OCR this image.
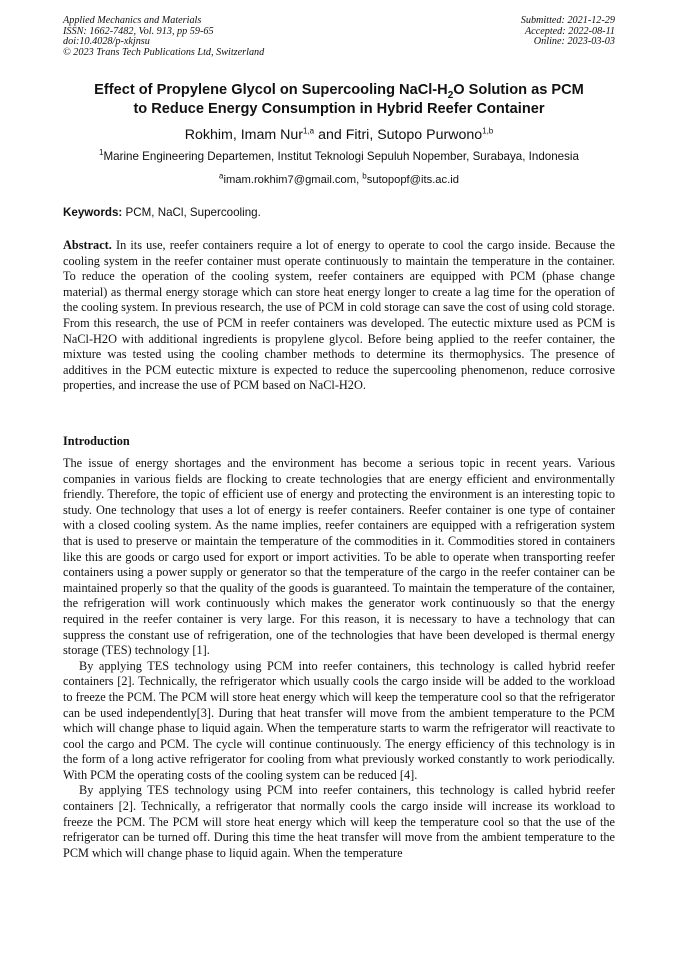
Applied Mechanics and Materials
ISSN: 1662-7482, Vol. 913, pp 59-65
doi:10.4028/p-xkjnsu
© 2023 Trans Tech Publications Ltd, Switzerland
Submitted: 2021-12-29
Accepted: 2022-08-11
Online: 2023-03-03
Effect of Propylene Glycol on Supercooling NaCl-$H_2O$ Solution as PCM
to Reduce Energy Consumption in Hybrid Reefer Container
Rokhim, Imam Nur$^{1,a}$ and Fitri, Sutopo Purwono$^{1,b}$
$^1$Marine Engineering Departemen, Institut Teknologi Sepuluh Nopember, Surabaya, Indonesia
$^a$imam.rokhim7@gmail.com, $^b$sutopopf@its.ac.id
Keywords: PCM, NaCl, Supercooling.
Abstract. In its use, reefer containers require a lot of energy to operate to cool the cargo inside. Because the cooling system in the reefer container must operate continuously to maintain the temperature in the container. To reduce the operation of the cooling system, reefer containers are equipped with PCM (phase change material) as thermal energy storage which can store heat energy longer to create a lag time for the operation of the cooling system. In previous research, the use of PCM in cold storage can save the cost of using cold storage. From this research, the use of PCM in reefer containers was developed. The eutectic mixture used as PCM is NaCl-H2O with additional ingredients is propylene glycol. Before being applied to the reefer container, the mixture was tested using the cooling chamber methods to determine its thermophysics. The presence of additives in the PCM eutectic mixture is expected to reduce the supercooling phenomenon, reduce corrosive properties, and increase the use of PCM based on NaCl-H2O.
Introduction

The issue of energy shortages and the environment has become a serious topic in recent years. Various companies in various fields are flocking to create technologies that are energy efficient and environmentally friendly. Therefore, the topic of efficient use of energy and protecting the environment is an interesting topic to study. One technology that uses a lot of energy is reefer containers. Reefer container is one type of container with a closed cooling system. As the name implies, reefer containers are equipped with a refrigeration system that is used to preserve or maintain the temperature of the commodities in it. Commodities stored in containers like this are goods or cargo used for export or import activities. To be able to operate when transporting reefer containers using a power supply or generator so that the temperature of the cargo in the reefer container can be maintained properly so that the quality of the goods is guaranteed. To maintain the temperature of the container, the refrigeration will work continuously which makes the generator work continuously so that the energy required in the reefer container is very large. For this reason, it is necessary to have a technology that can suppress the constant use of refrigeration, one of the technologies that have been developed is thermal energy storage (TES) technology [1].

By applying TES technology using PCM into reefer containers, this technology is called hybrid reefer containers [2]. Technically, the refrigerator which usually cools the cargo inside will be added to the workload to freeze the PCM. The PCM will store heat energy which will keep the temperature cool so that the refrigerator can be used independently[3]. During that heat transfer will move from the ambient temperature to the PCM which will change phase to liquid again. When the temperature starts to warm the refrigerator will reactivate to cool the cargo and PCM. The cycle will continue continuously. The energy efficiency of this technology is in the form of a long active refrigerator for cooling from what previously worked constantly to work periodically. With PCM the operating costs of the cooling system can be reduced [4].

By applying TES technology using PCM into reefer containers, this technology is called hybrid reefer containers [2]. Technically, a refrigerator that normally cools the cargo inside will increase its workload to freeze the PCM. The PCM will store heat energy which will keep the temperature cool so that the use of the refrigerator can be turned off. During this time the heat transfer will move from the ambient temperature to the PCM which will change phase to liquid again. When the temperature
